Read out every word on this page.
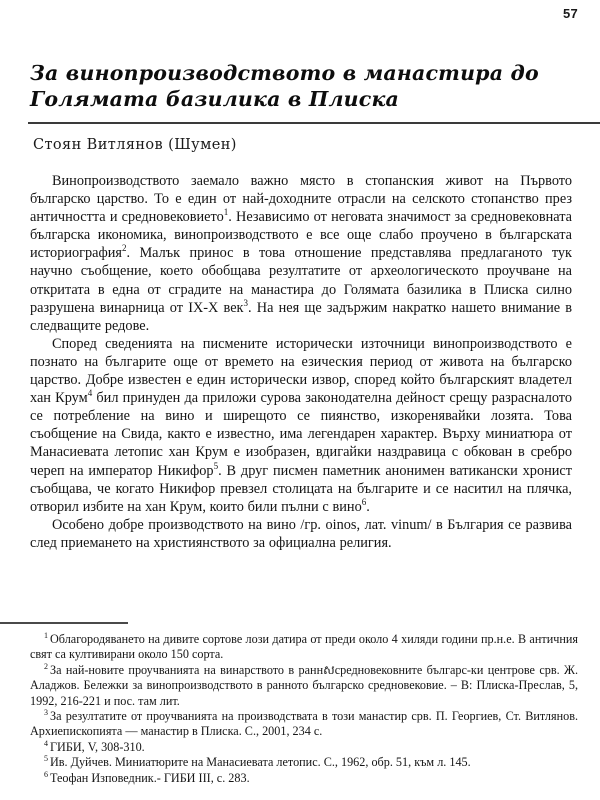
57
За винопроизводството в манастира до
Голямата базилика в Плиска
Стоян Витлянов (Шумен)

Винопроизводството заемало важно място в стопанския живот на Първото българско царство. То е един от най-доходните отрасли на селското стопанство през античността и средновековието$^1$. Независимо от неговата значимост за средновековната българска икономика, винопроизводството е все още слабо проучено в българската историография$^2$. Малък принос в това отношение представлява предлаганото тук научно съобщение, което обобщава резултатите от археологическото проучване на откритата в една от сградите на манастира до Голямата базилика в Плиска силно разрушена винарница от IX-X век$^3$. На нея ще задържим накратко нашето внимание в следващите редове.

Според сведенията на писмените исторически източници винопроизводството е познато на българите още от времето на езическия период от живота на българско царство. Добре известен е един исторически извор, според който българският владетел хан Крум$^4$ бил принуден да приложи сурова законодателна дейност срещу разрасналото се потребление на вино и ширещото се пиянство, изкоренявайки лозята. Това съобщение на Свида, както е известно, има легендарен характер. Върху миниатюра от Манасиевата летопис хан Крум е изобразен, вдигайки наздравица с обкован в сребро череп на император Никифор$^5$. В друг писмен паметник анонимен ватикански хронист съобщава, че когато Никифор превзел столицата на българите и се наситил на плячка, отворил избите на хан Крум, които били пълни с вино$^6$.

Особено добре производството на вино /гр. oinos, лат. vinum/ в България се развива след приемането на християнството за официална религия.

$^1$ Облагородяването на дивите сортове лози датира от преди около 4 хиляди години пр.н.е. В античния свят са култивирани около 150 сорта.

$^2$ За най-новите проучванията на винарството в раннសсредновековните българс-ки центрове срв. Ж. Аладжов. Бележки за винопроизводството в ранното българско средновековие. – В: Плиска-Преслав, 5, 1992, 216-221 и пос. там лит.

$^3$ За резултатите от проучванията на производствата в този манастир срв. П. Георгиев, Ст. Витлянов. Архиепископията — манастир в Плиска. С., 2001, 234 с.

$^4$ ГИБИ, V, 308-310.

$^5$ Ив. Дуйчев. Миниатюрите на Манасиевата летопис. С., 1962, обр. 51, към л. 145.

$^6$ Теофан Изповедник.- ГИБИ III, с. 283.
